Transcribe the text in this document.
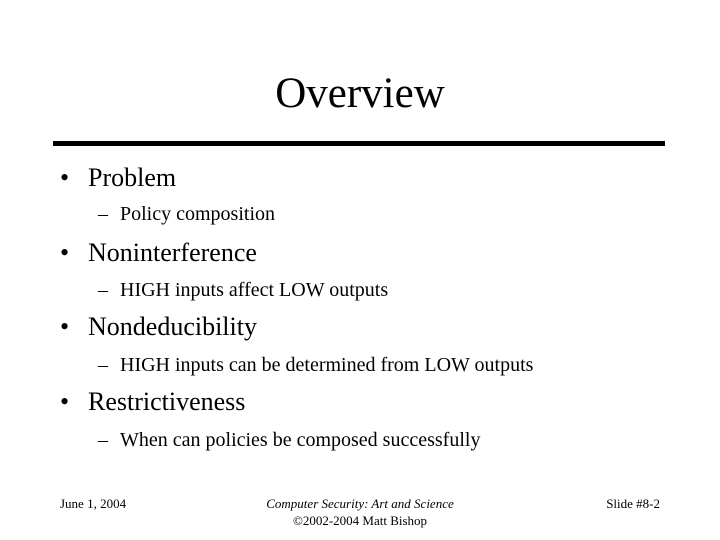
Overview
• Problem
– Policy composition
• Noninterference
– HIGH inputs affect LOW outputs
• Nondeducibility
– HIGH inputs can be determined from LOW outputs
• Restrictiveness
– When can policies be composed successfully
June 1, 2004	Computer Security: Art and Science
©2002-2004 Matt Bishop
Slide #8-2
